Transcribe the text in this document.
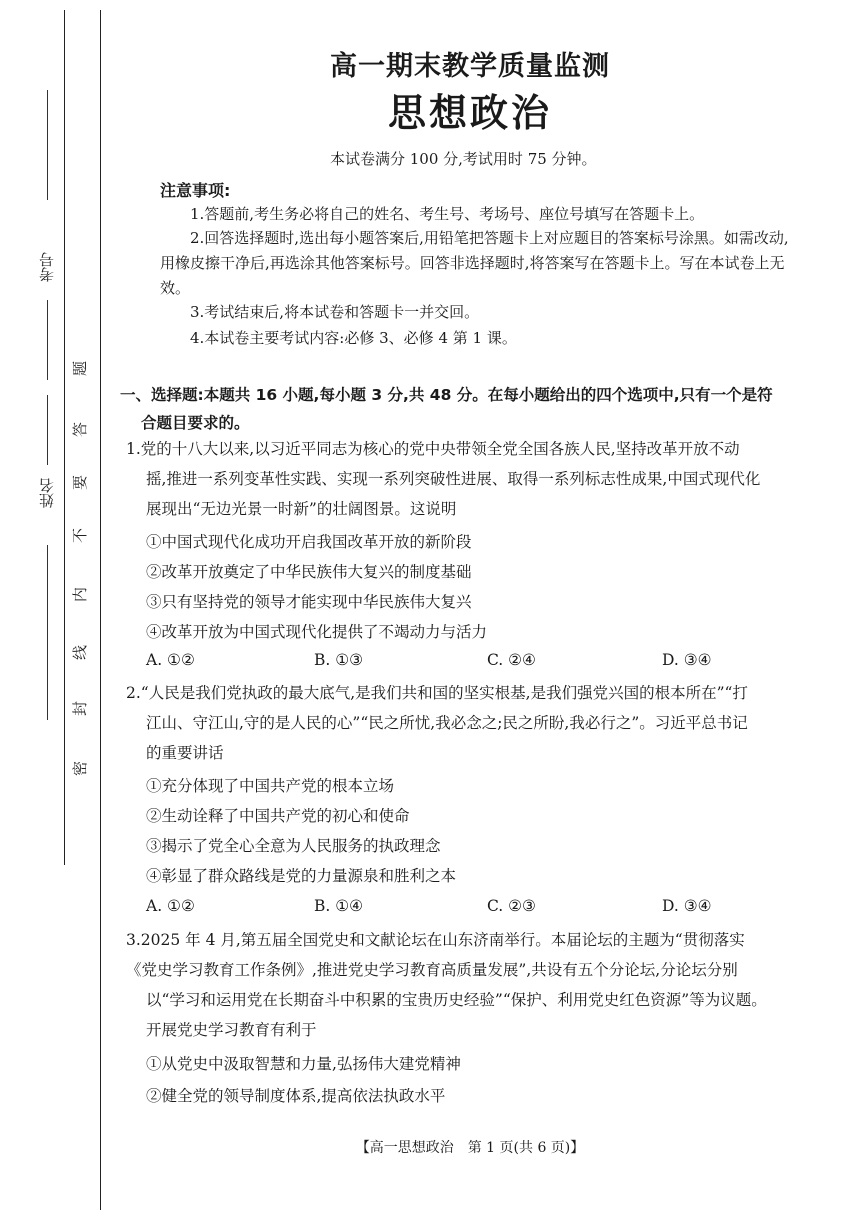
考号
姓名
题
答
要
不
内
线
封
密
高一期末教学质量监测
思想政治
本试卷满分 100 分,考试用时 75 分钟。
注意事项:

1.答题前,考生务必将自己的姓名、考生号、考场号、座位号填写在答题卡上。

2.回答选择题时,选出每小题答案后,用铅笔把答题卡上对应题目的答案标号涂黑。如需改动,用橡皮擦干净后,再选涂其他答案标号。回答非选择题时,将答案写在答题卡上。写在本试卷上无效。

3.考试结束后,将本试卷和答题卡一并交回。

4.本试卷主要考试内容:必修 3、必修 4 第 1 课。

一、选择题:本题共 16 小题,每小题 3 分,共 48 分。在每小题给出的四个选项中,只有一个是符
合题目要求的。
1.党的十八大以来,以习近平同志为核心的党中央带领全党全国各族人民,坚持改革开放不动
摇,推进一系列变革性实践、实现一系列突破性进展、取得一系列标志性成果,中国式现代化
展现出“无边光景一时新”的壮阔图景。这说明

①中国式现代化成功开启我国改革开放的新阶段

②改革开放奠定了中华民族伟大复兴的制度基础

③只有坚持党的领导才能实现中华民族伟大复兴

④改革开放为中国式现代化提供了不竭动力与活力

A. ①②	B. ①③	C. ②④	D. ③④
2.“人民是我们党执政的最大底气,是我们共和国的坚实根基,是我们强党兴国的根本所在”“打
江山、守江山,守的是人民的心”“民之所忧,我必念之;民之所盼,我必行之”。习近平总书记
的重要讲话

①充分体现了中国共产党的根本立场

②生动诠释了中国共产党的初心和使命

③揭示了党全心全意为人民服务的执政理念

④彰显了群众路线是党的力量源泉和胜利之本

A. ①②	B. ①④	C. ②③	D. ③④
3.2025 年 4 月,第五届全国党史和文献论坛在山东济南举行。本届论坛的主题为“贯彻落实
《党史学习教育工作条例》,推进党史学习教育高质量发展”,共设有五个分论坛,分论坛分别
以“学习和运用党在长期奋斗中积累的宝贵历史经验”“保护、利用党史红色资源”等为议题。
开展党史学习教育有利于

①从党史中汲取智慧和力量,弘扬伟大建党精神

②健全党的领导制度体系,提高依法执政水平

【高一思想政治　第 1 页(共 6 页)】
